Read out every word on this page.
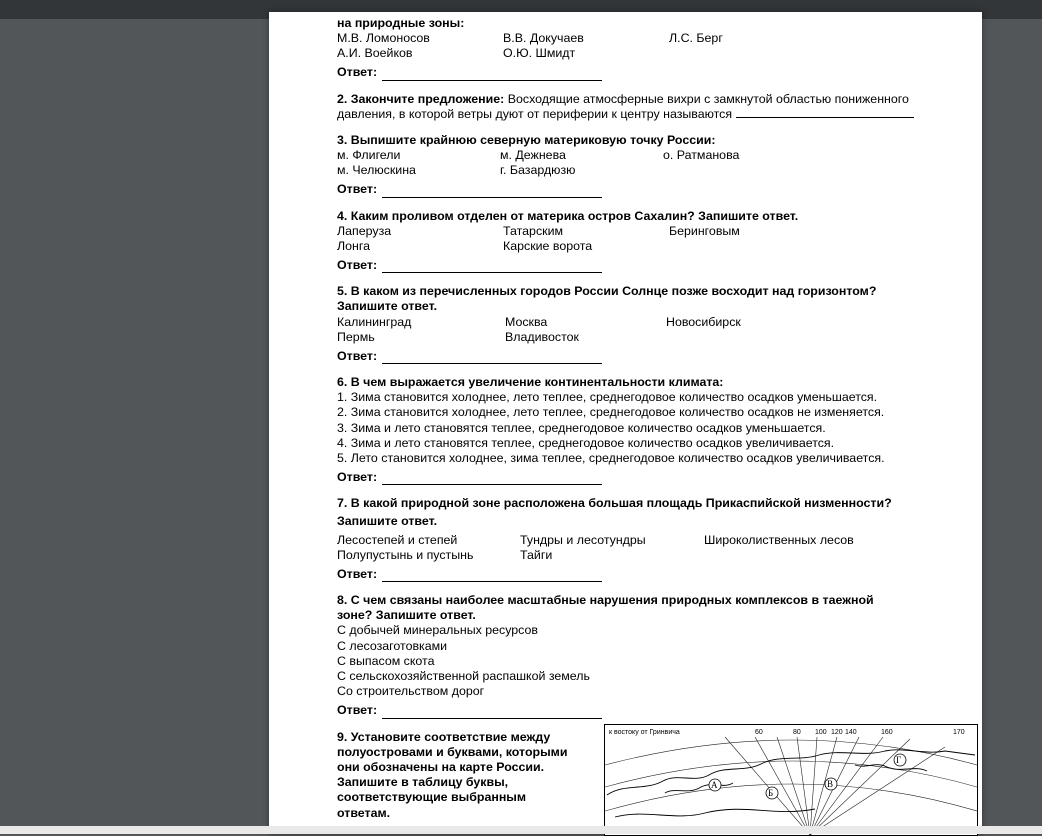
на природные зоны:
М.В. Ломоносов	В.В. Докучаев	Л.С. Берг
А.И. Воейков	О.Ю. Шмидт
Ответ:
2. Закончите предложение: Восходящие атмосферные вихри с замкнутой областью пониженного
давления, в которой ветры дуют от периферии к центру называются
3. Выпишите крайнюю северную материковую точку России:
м. Флигели	м. Дежнева	о. Ратманова
м. Челюскина	г. Базардюзю
Ответ:
4. Каким проливом отделен от материка остров Сахалин? Запишите ответ.
Лаперуза	Татарским	Беринговым
Лонга	Карские ворота
Ответ:
5. В каком из перечисленных городов России Солнце позже восходит над горизонтом?
Запишите ответ.
Калининград	Москва	Новосибирск
Пермь	Владивосток
Ответ:
6. В чем выражается увеличение континентальности климата:
1. Зима становится холоднее, лето теплее, среднегодовое количество осадков уменьшается.
2. Зима становится холоднее, лето теплее, среднегодовое количество осадков не изменяется.
3. Зима и лето становятся теплее, среднегодовое количество осадков уменьшается.
4. Зима и лето становятся теплее, среднегодовое количество осадков увеличивается.
5. Лето становится холоднее, зима теплее, среднегодовое количество осадков увеличивается.
Ответ:
7. В какой природной зоне расположена большая площадь Прикаспийской низменности?
Запишите ответ.
Лесостепей и степей	Тундры и лесотундры	Широколиственных лесов
Полупустынь и пустынь	Тайги
Ответ:
8. С чем связаны наиболее масштабные нарушения природных комплексов в таежной
зоне? Запишите ответ.
С добычей минеральных ресурсов
С лесозаготовками
С выпасом скота
С сельскохозяйственной распашкой земель
Со строительством дорог
Ответ:
9. Установите соответствие между
полуостровами и буквами, которыми
они обозначены на карте России.
Запишите в таблицу буквы,
соответствующие выбранным
ответам.
к востоку от Гринвича	60	80 100 120 140	160	170
А
Б
В
Г
